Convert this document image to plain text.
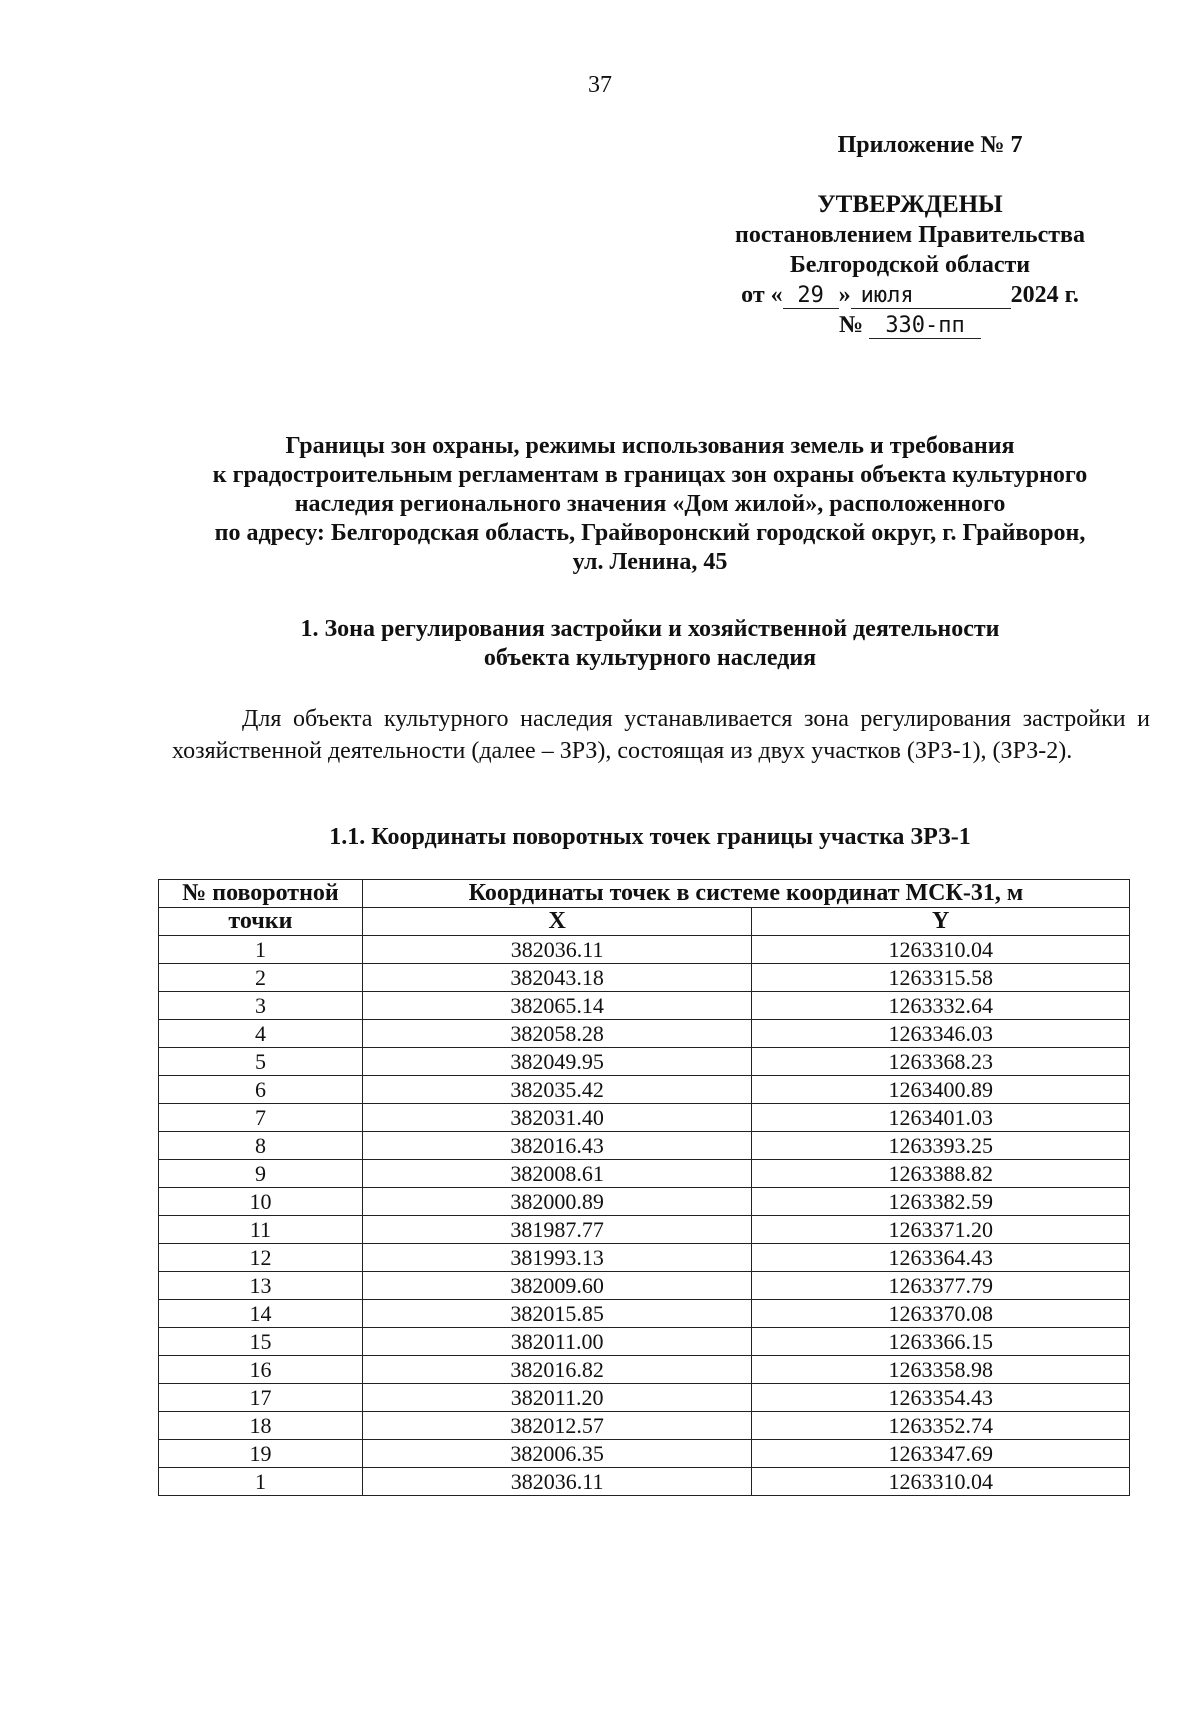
37
Приложение № 7
УТВЕРЖДЕНЫ
постановлением Правительства
Белгородской области
от « 29 » июля	2024 г.
№ 330-пп
Границы зон охраны, режимы использования земель и требования
к градостроительным регламентам в границах зон охраны объекта культурного
наследия регионального значения «Дом жилой», расположенного
по адресу: Белгородская область, Грайворонский городской округ, г. Грайворон,
ул. Ленина, 45
1. Зона регулирования застройки и хозяйственной деятельности
объекта культурного наследия
Для объекта культурного наследия устанавливается зона регулирования застройки и хозяйственной деятельности (далее – ЗРЗ), состоящая из двух участков (ЗРЗ-1), (ЗРЗ-2).
1.1. Координаты поворотных точек границы участка ЗРЗ-1
№ поворотной	Координаты точек в системе координат МСК-31, м	
точки	X	Y
1	382036.11	1263310.04
2	382043.18	1263315.58
3	382065.14	1263332.64
4	382058.28	1263346.03
5	382049.95	1263368.23
6	382035.42	1263400.89
7	382031.40	1263401.03
8	382016.43	1263393.25
9	382008.61	1263388.82
10	382000.89	1263382.59
11	381987.77	1263371.20
12	381993.13	1263364.43
13	382009.60	1263377.79
14	382015.85	1263370.08
15	382011.00	1263366.15
16	382016.82	1263358.98
17	382011.20	1263354.43
18	382012.57	1263352.74
19	382006.35	1263347.69
1	382036.11	1263310.04
